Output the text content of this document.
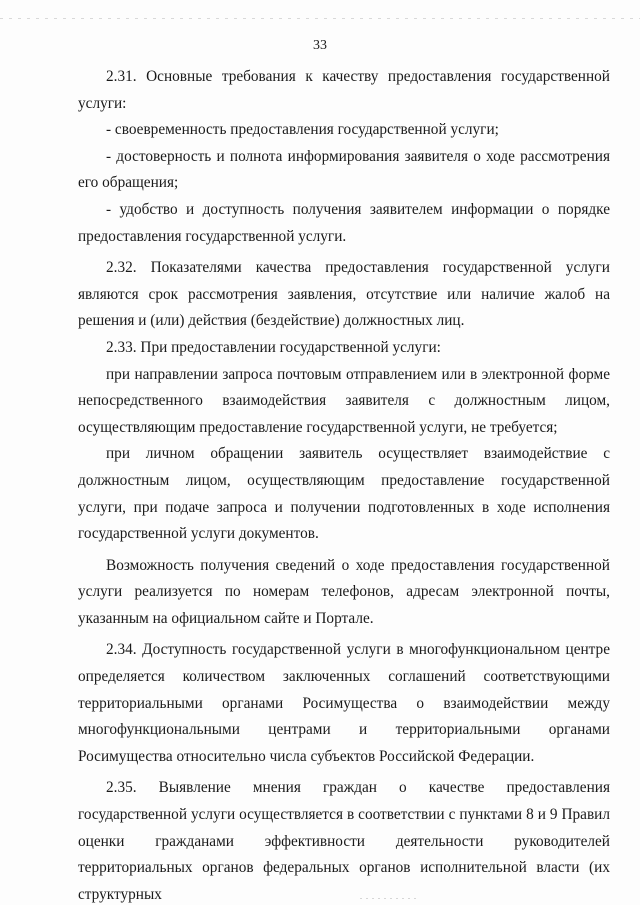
33

2.31. Основные требования к качеству предоставления государственной услуги:

- своевременность предоставления государственной услуги;

- достоверность и полнота информирования заявителя о ходе рассмотрения его обращения;

- удобство и доступность получения заявителем информации о порядке предоставления государственной услуги.

2.32. Показателями качества предоставления государственной услуги являются срок рассмотрения заявления, отсутствие или наличие жалоб на решения и (или) действия (бездействие) должностных лиц.

2.33. При предоставлении государственной услуги:

при направлении запроса почтовым отправлением или в электронной форме непосредственного взаимодействия заявителя с должностным лицом, осуществляющим предоставление государственной услуги, не требуется;

при личном обращении заявитель осуществляет взаимодействие с должностным лицом, осуществляющим предоставление государственной услуги, при подаче запроса и получении подготовленных в ходе исполнения государственной услуги документов.

Возможность получения сведений о ходе предоставления государственной услуги реализуется по номерам телефонов, адресам электронной почты, указанным на официальном сайте и Портале.

2.34. Доступность государственной услуги в многофункциональном центре определяется количеством заключенных соглашений соответствующими территориальными органами Росимущества о взаимодействии между многофункциональными центрами и территориальными органами Росимущества относительно числа субъектов Российской Федерации.

2.35. Выявление мнения граждан о качестве предоставления государственной услуги осуществляется в соответствии с пунктами 8 и 9 Правил оценки гражданами эффективности деятельности руководителей территориальных органов федеральных органов исполнительной власти (их структурных
